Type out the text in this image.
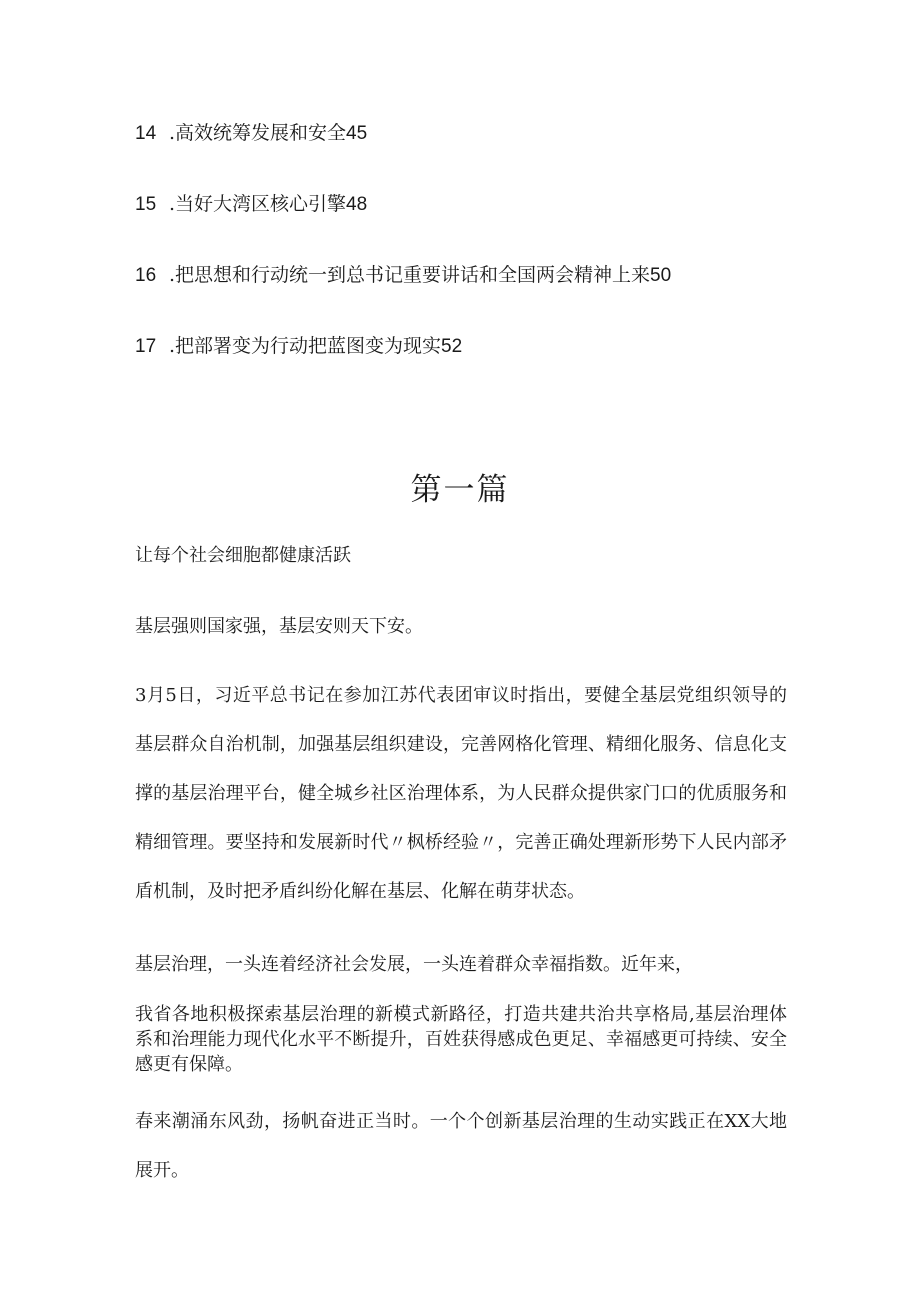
14 .高效统筹发展和安全45
15 .当好大湾区核心引擎48
16 .把思想和行动统一到总书记重要讲话和全国两会精神上来50
17 .把部署变为行动把蓝图变为现实52
第一篇

让每个社会细胞都健康活跃

基层强则国家强，基层安则天下安。

3月5日，习近平总书记在参加江苏代表团审议时指出，要健全基层党组织领导的基层群众自治机制，加强基层组织建设，完善网格化管理、精细化服务、信息化支撑的基层治理平台，健全城乡社区治理体系，为人民群众提供家门口的优质服务和精细管理。要坚持和发展新时代〃枫桥经验〃，完善正确处理新形势下人民内部矛盾机制，及时把矛盾纠纷化解在基层、化解在萌芽状态。

基层治理，一头连着经济社会发展，一头连着群众幸福指数。近年来，

我省各地积极探索基层治理的新模式新路径，打造共建共治共享格局,基层治理体系和治理能力现代化水平不断提升，百姓获得感成色更足、幸福感更可持续、安全感更有保障。

春来潮涌东风劲，扬帆奋进正当时。一个个创新基层治理的生动实践正在XX大地展开。
